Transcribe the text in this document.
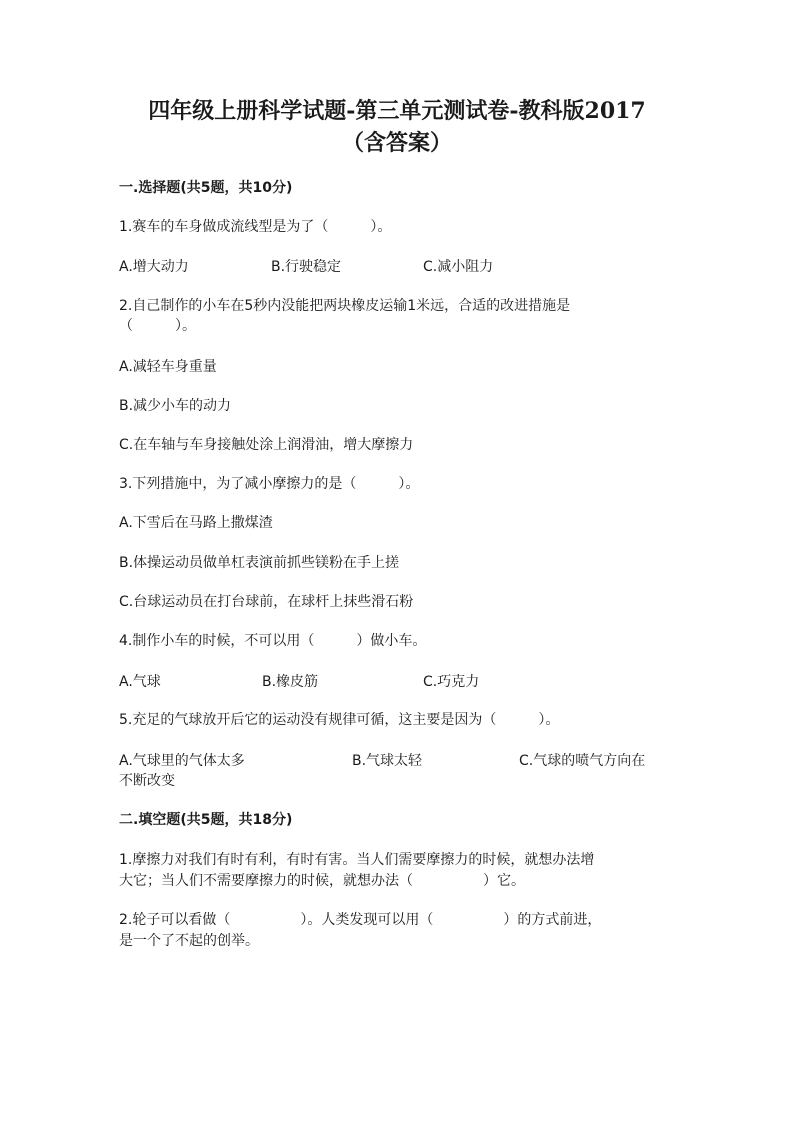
四年级上册科学试题-第三单元测试卷-教科版2017
（含答案）

一.选择题(共5题，共10分)

1.赛车的车身做成流线型是为了（　　　）。

A.增大动力	B.行驶稳定	C.减小阻力

2.自己制作的小车在5秒内没能把两块橡皮运输1米远，合适的改进措施是

（　　　）。

A.减轻车身重量

B.减少小车的动力

C.在车轴与车身接触处涂上润滑油，增大摩擦力

3.下列措施中，为了减小摩擦力的是（　　　）。

A.下雪后在马路上撒煤渣

B.体操运动员做单杠表演前抓些镁粉在手上搓

C.台球运动员在打台球前，在球杆上抹些滑石粉

4.制作小车的时候，不可以用（　　　）做小车。

A.气球	B.橡皮筋	C.巧克力

5.充足的气球放开后它的运动没有规律可循，这主要是因为（　　　）。

A.气球里的气体太多	B.气球太轻	C.气球的喷气方向在

不断改变

二.填空题(共5题，共18分)

1.摩擦力对我们有时有利，有时有害。当人们需要摩擦力的时候，就想办法增

大它；当人们不需要摩擦力的时候，就想办法（　　　　　）它。

2.轮子可以看做（　　　　　）。人类发现可以用（　　　　　）的方式前进，

是一个了不起的创举。
